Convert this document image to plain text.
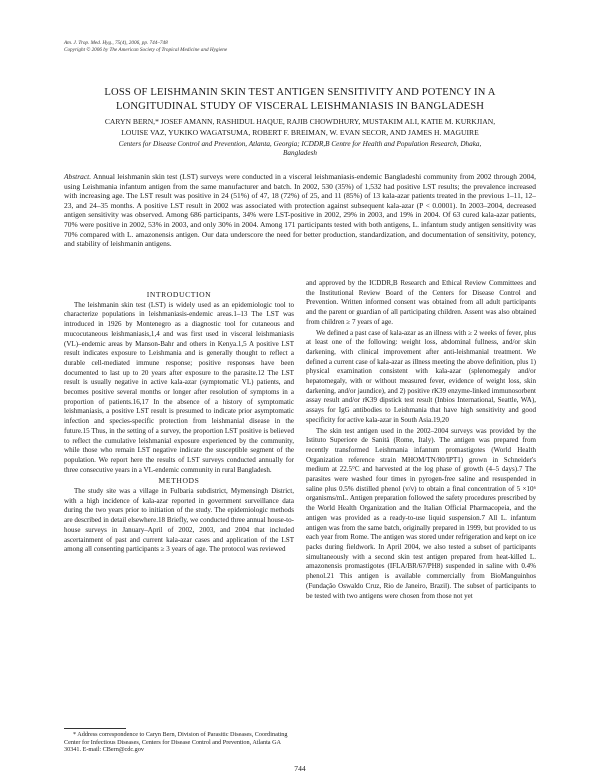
Am. J. Trop. Med. Hyg., 75(4), 2006, pp. 744–748
Copyright © 2006 by The American Society of Tropical Medicine and Hygiene
LOSS OF LEISHMANIN SKIN TEST ANTIGEN SENSITIVITY AND POTENCY IN A
LONGITUDINAL STUDY OF VISCERAL LEISHMANIASIS IN BANGLADESH
CARYN BERN,* JOSEF AMANN, RASHIDUL HAQUE, RAJIB CHOWDHURY, MUSTAKIM ALI, KATIE M. KURKJIAN,
LOUISE VAZ, YUKIKO WAGATSUMA, ROBERT F. BREIMAN, W. EVAN SECOR, AND JAMES H. MAGUIRE
Centers for Disease Control and Prevention, Atlanta, Georgia; ICDDR,B Centre for Health and Population Research, Dhaka,
Bangladesh
Abstract. Annual leishmanin skin test (LST) surveys were conducted in a visceral leishmaniasis-endemic Bangladeshi community from 2002 through 2004, using Leishmania infantum antigen from the same manufacturer and batch. In 2002, 530 (35%) of 1,532 had positive LST results; the prevalence increased with increasing age. The LST result was positive in 24 (51%) of 47, 18 (72%) of 25, and 11 (85%) of 13 kala-azar patients treated in the previous 1–11, 12–23, and 24–35 months. A positive LST result in 2002 was associated with protection against subsequent kala-azar (P < 0.0001). In 2003–2004, decreased antigen sensitivity was observed. Among 686 participants, 34% were LST-positive in 2002, 29% in 2003, and 19% in 2004. Of 63 cured kala-azar patients, 70% were positive in 2002, 53% in 2003, and only 30% in 2004. Among 171 participants tested with both antigens, L. infantum study antigen sensitivity was 70% compared with L. amazonensis antigen. Our data underscore the need for better production, standardization, and documentation of sensitivity, potency, and stability of leishmanin antigens.

INTRODUCTION

The leishmanin skin test (LST) is widely used as an epidemiologic tool to characterize populations in leishmaniasis-endemic areas.1–13 The LST was introduced in 1926 by Montenegro as a diagnostic tool for cutaneous and mucocutaneous leishmaniasis,1,4 and was first used in visceral leishmaniasis (VL)–endemic areas by Manson-Bahr and others in Kenya.1,5 A positive LST result indicates exposure to Leishmania and is generally thought to reflect a durable cell-mediated immune response; positive responses have been documented to last up to 20 years after exposure to the parasite.12 The LST result is usually negative in active kala-azar (symptomatic VL) patients, and becomes positive several months or longer after resolution of symptoms in a proportion of patients.16,17 In the absence of a history of symptomatic leishmaniasis, a positive LST result is presumed to indicate prior asymptomatic infection and species-specific protection from leishmanial disease in the future.15 Thus, in the setting of a survey, the proportion LST positive is believed to reflect the cumulative leishmanial exposure experienced by the community, while those who remain LST negative indicate the susceptible segment of the population. We report here the results of LST surveys conducted annually for three consecutive years in a VL-endemic community in rural Bangladesh.

METHODS

The study site was a village in Fulbaria subdistrict, Mymensingh District, with a high incidence of kala-azar reported in government surveillance data during the two years prior to initiation of the study. The epidemiologic methods are described in detail elsewhere.18 Briefly, we conducted three annual house-to-house surveys in January–April of 2002, 2003, and 2004 that included ascertainment of past and current kala-azar cases and application of the LST among all consenting participants ≥ 3 years of age. The protocol was reviewed

and approved by the ICDDR,B Research and Ethical Review Committees and the Institutional Review Board of the Centers for Disease Control and Prevention. Written informed consent was obtained from all adult participants and the parent or guardian of all participating children. Assent was also obtained from children ≥ 7 years of age.

We defined a past case of kala-azar as an illness with ≥ 2 weeks of fever, plus at least one of the following: weight loss, abdominal fullness, and/or skin darkening, with clinical improvement after anti-leishmanial treatment. We defined a current case of kala-azar as illness meeting the above definition, plus 1) physical examination consistent with kala-azar (splenomegaly and/or hepatomegaly, with or without measured fever, evidence of weight loss, skin darkening, and/or jaundice), and 2) positive rK39 enzyme-linked immunosorbent assay result and/or rK39 dipstick test result (Inbios International, Seattle, WA), assays for IgG antibodies to Leishmania that have high sensitivity and good specificity for active kala-azar in South Asia.19,20

The skin test antigen used in the 2002–2004 surveys was provided by the Istituto Superiore de Sanità (Rome, Italy). The antigen was prepared from recently transformed Leishmania infantum promastigotes (World Health Organization reference strain MHOM/TN/80/IPT1) grown in Schneider's medium at 22.5°C and harvested at the log phase of growth (4–5 days).7 The parasites were washed four times in pyrogen-free saline and resuspended in saline plus 0.5% distilled phenol (v/v) to obtain a final concentration of 5 ×10⁶ organisms/mL. Antigen preparation followed the safety procedures prescribed by the World Health Organization and the Italian Official Pharmacopeia, and the antigen was provided as a ready-to-use liquid suspension.7 All L. infantum antigen was from the same batch, originally prepared in 1999, but provided to us each year from Rome. The antigen was stored under refrigeration and kept on ice packs during fieldwork. In April 2004, we also tested a subset of participants simultaneously with a second skin test antigen prepared from heat-killed L. amazonensis promastigotes (IFLA/BR/67/PH8) suspended in saline with 0.4% phenol.21 This antigen is available commercially from BioManguinhos (Fundação Oswaldo Cruz, Rio de Janeiro, Brazil). The subset of participants to be tested with two antigens were chosen from those not yet

* Address correspondence to Caryn Bern, Division of Parasitic Diseases, Coordinating Center for Infectious Diseases, Centers for Disease Control and Prevention, Atlanta GA 30341. E-mail: CBern@cdc.gov
744
